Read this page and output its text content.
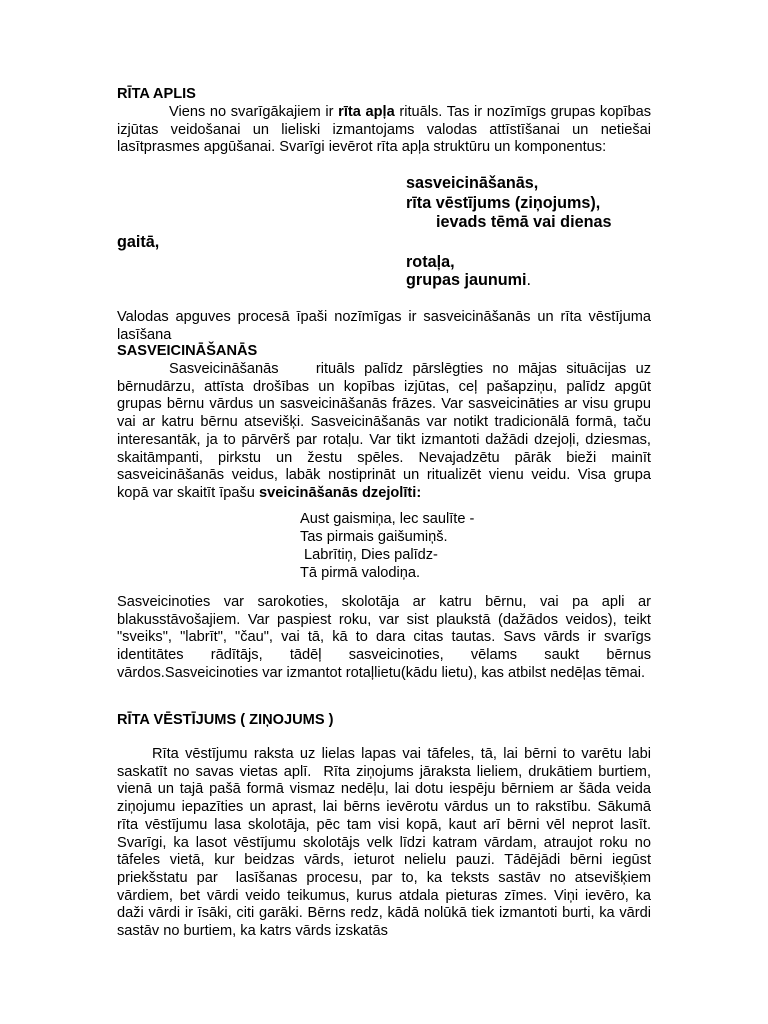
RĪTA APLIS

Viens no svarīgākajiem ir rīta apļa rituāls. Tas ir nozīmīgs grupas kopības izjūtas veidošanai un lieliski izmantojams valodas attīstīšanai un netiešai lasītprasmes apgūšanai. Svarīgi ievērot rīta apļa struktūru un komponentus:

sasveicināšanās,
rīta vēstījums (ziņojums),
ievads tēmā vai dienas
gaitā,
rotaļa,
grupas jaunumi.
Valodas apguves procesā īpaši nozīmīgas ir sasveicināšanās un rīta vēstījuma lasīšana
SASVEICINĀŠANĀS

Sasveicināšanās    rituāls palīdz pārslēgties no mājas situācijas uz bērnudārzu, attīsta drošības un kopības izjūtas, ceļ pašapziņu, palīdz apgūt grupas bērnu vārdus un sasveicināšanās frāzes. Var sasveicināties ar visu grupu vai ar katru bērnu atsevišķi. Sasveicināšanās var notikt tradicionālā formā, taču interesantāk, ja to pārvērš par rotaļu. Var tikt izmantoti dažādi dzejoļi, dziesmas, skaitāmpanti, pirkstu un žestu spēles. Nevajadzētu pārāk bieži mainīt sasveicināšanās veidus, labāk nostiprināt un ritualizēt vienu veidu. Visa grupa kopā var skaitīt īpašu sveicināšanās dzejolīti:

Aust gaismiņa, lec saulīte -
Tas pirmais gaišumiņš.
Labrītiņ, Dies palīdz-
Tā pirmā valodiņa.
Sasveicinoties var sarokoties, skolotāja ar katru bērnu, vai pa apli ar blakusstāvošajiem. Var paspiest roku, var sist plaukstā (dažādos veidos), teikt "sveiks", "labrīt", "čau", vai tā, kā to dara citas tautas. Savs vārds ir svarīgs identitātes rādītājs, tādēļ sasveicinoties, vēlams saukt bērnus vārdos.Sasveicinoties var izmantot rotaļlietu(kādu lietu), kas atbilst nedēļas tēmai.
RĪTA VĒSTĪJUMS ( ZIŅOJUMS )

Rīta vēstījumu raksta uz lielas lapas vai tāfeles, tā, lai bērni to varētu labi saskatīt no savas vietas aplī.  Rīta ziņojums jāraksta lieliem, drukātiem burtiem, vienā un tajā pašā formā vismaz nedēļu, lai dotu iespēju bērniem ar šāda veida ziņojumu iepazīties un aprast, lai bērns ievērotu vārdus un to rakstību. Sākumā rīta vēstījumu lasa skolotāja, pēc tam visi kopā, kaut arī bērni vēl neprot lasīt. Svarīgi, ka lasot vēstījumu skolotājs velk līdzi katram vārdam, atraujot roku no tāfeles vietā, kur beidzas vārds, ieturot nelielu pauzi. Tādējādi bērni iegūst priekšstatu par  lasīšanas procesu, par to, ka teksts sastāv no atsevišķiem vārdiem, bet vārdi veido teikumus, kurus atdala pieturas zīmes. Viņi ievēro, ka daži vārdi ir īsāki, citi garāki. Bērns redz, kādā nolūkā tiek izmantoti burti, ka vārdi sastāv no burtiem, ka katrs vārds izskatās
